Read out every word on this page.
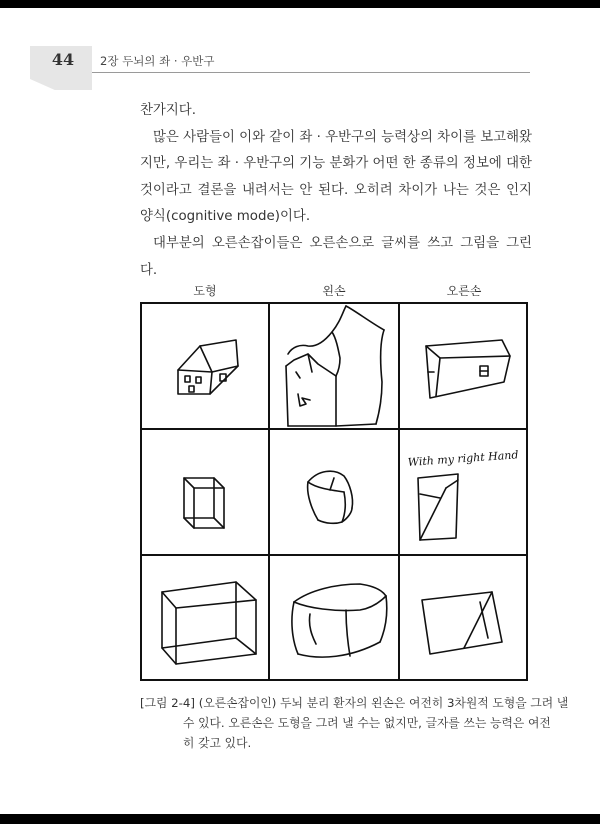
44	2장 두뇌의 좌 · 우반구

찬가지다.

많은 사람들이 이와 같이 좌 · 우반구의 능력상의 차이를 보고해왔지만, 우리는 좌 · 우반구의 기능 분화가 어떤 한 종류의 정보에 대한 것이라고 결론을 내려서는 안 된다. 오히려 차이가 나는 것은 인지 양식(cognitive mode)이다.

대부분의 오른손잡이들은 오른손으로 글씨를 쓰고 그림을 그린다.

도형	왼손	오른손
With my right Hand
[그림 2-4] (오른손잡이인) 두뇌 분리 환자의 왼손은 여전히 3차원적 도형을 그려 낼
수 있다. 오른손은 도형을 그려 낼 수는 없지만, 글자를 쓰는 능력은 여전
히 갖고 있다.
